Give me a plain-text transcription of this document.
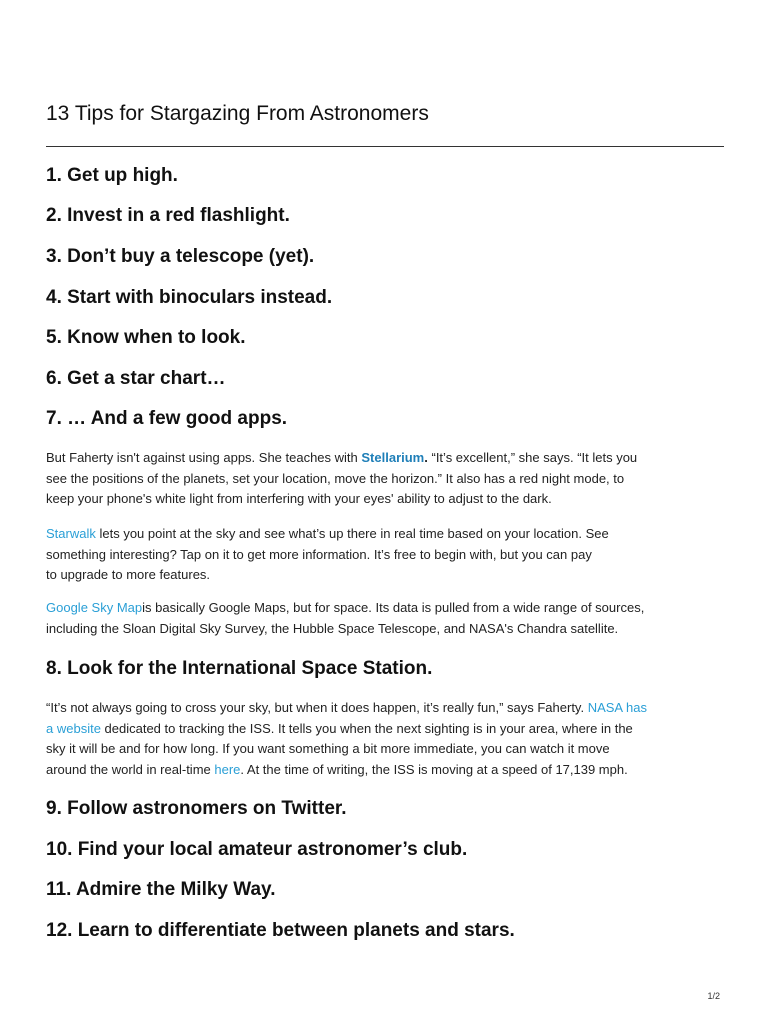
13 Tips for Stargazing From Astronomers

1. Get up high.

2. Invest in a red flashlight.

3. Don’t buy a telescope (yet).

4. Start with binoculars instead.

5. Know when to look.

6. Get a star chart…

7. … And a few good apps.

But Faherty isn't against using apps. She teaches with Stellarium. “It’s excellent,” she says. “It lets you
see the positions of the planets, set your location, move the horizon.” It also has a red night mode, to
keep your phone's white light from interfering with your eyes' ability to adjust to the dark.
Starwalk lets you point at the sky and see what’s up there in real time based on your location. See
something interesting? Tap on it to get more information. It’s free to begin with, but you can pay
to upgrade to more features.
Google Sky Mapis basically Google Maps, but for space. Its data is pulled from a wide range of sources,
including the Sloan Digital Sky Survey, the Hubble Space Telescope, and NASA's Chandra satellite.

8. Look for the International Space Station.

“It’s not always going to cross your sky, but when it does happen, it’s really fun,” says Faherty. NASA has
a website dedicated to tracking the ISS. It tells you when the next sighting is in your area, where in the
sky it will be and for how long. If you want something a bit more immediate, you can watch it move
around the world in real-time here. At the time of writing, the ISS is moving at a speed of 17,139 mph.

9. Follow astronomers on Twitter.

10. Find your local amateur astronomer’s club.

11. Admire the Milky Way.

12. Learn to differentiate between planets and stars.

1/2
